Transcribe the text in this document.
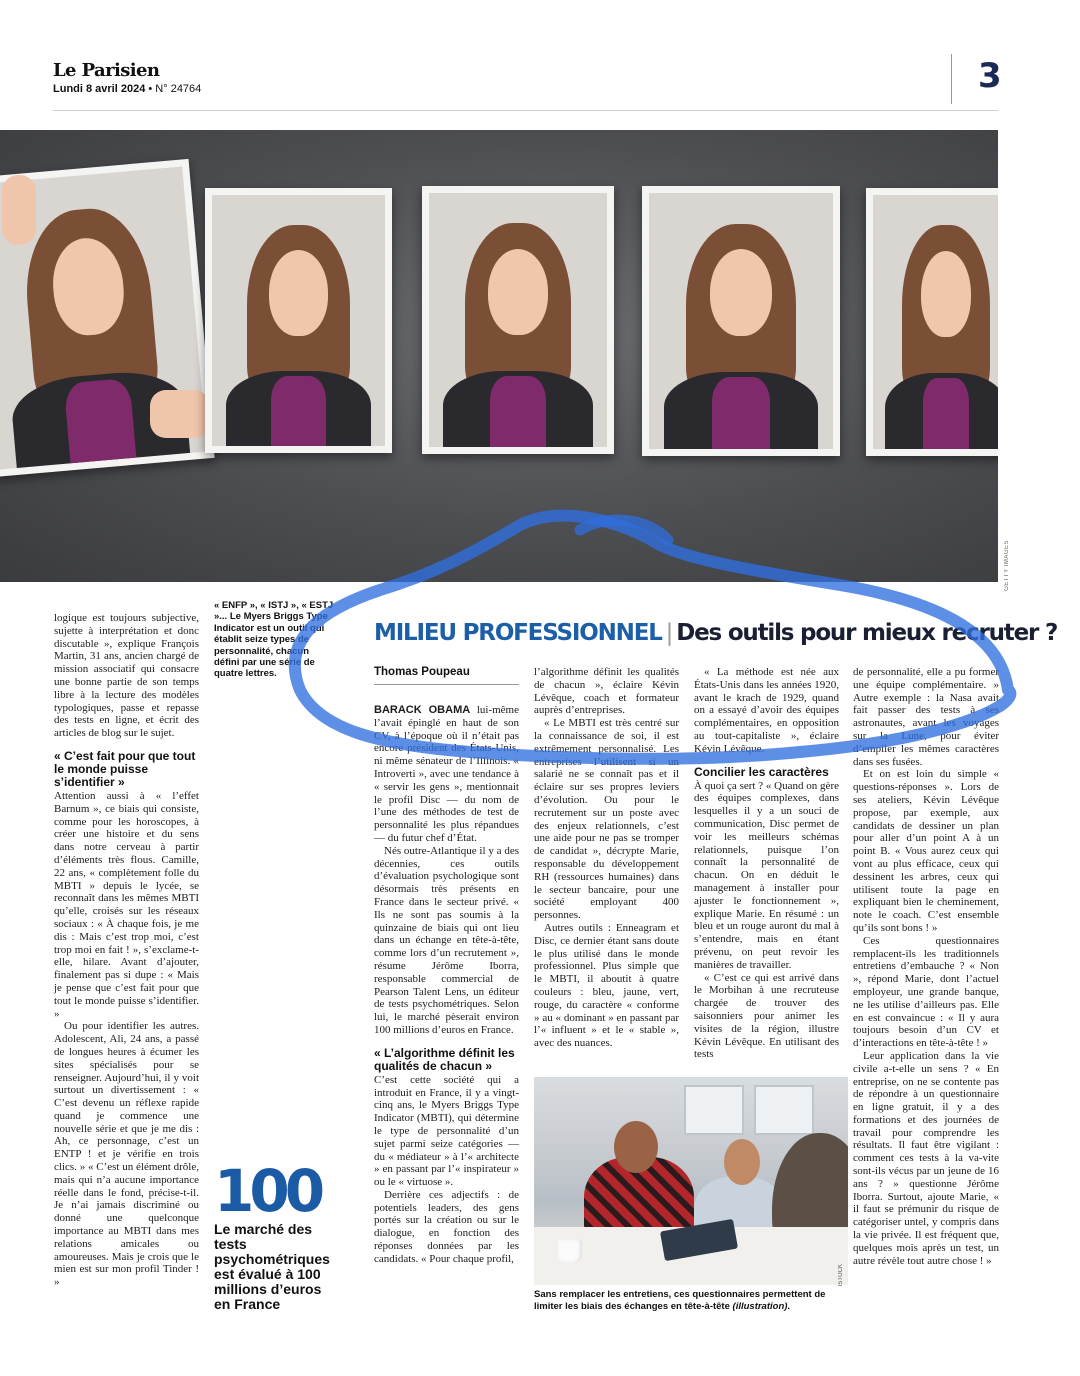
Le Parisien
Lundi 8 avril 2024 • N° 24764	3
GETTY IMAGES

logique est toujours subjective, sujette à interprétation et donc discutable », explique François Martin, 31 ans, ancien chargé de mission associatif qui consacre une bonne partie de son temps libre à la lecture des modèles typologiques, passe et repasse des tests en ligne, et écrit des articles de blog sur le sujet.

« C’est fait pour que tout le monde puisse s’identifier »

Attention aussi à « l’effet Barnum », ce biais qui consiste, comme pour les horoscopes, à créer une histoire et du sens dans notre cerveau à partir d’éléments très flous. Camille, 22 ans, « complètement folle du MBTI » depuis le lycée, se reconnaît dans les mêmes MBTI qu’elle, croisés sur les réseaux sociaux : « À chaque fois, je me dis : Mais c’est trop moi, c’est trop moi en fait ! », s’exclame-t-elle, hilare. Avant d’ajouter, finalement pas si dupe : « Mais je pense que c’est fait pour que tout le monde puisse s’identifier. »

Ou pour identifier les autres. Adolescent, Ali, 24 ans, a passé de longues heures à écumer les sites spécialisés pour se renseigner. Aujourd’hui, il y voit surtout un divertissement : « C’est devenu un réflexe rapide quand je commence une nouvelle série et que je me dis : Ah, ce personnage, c’est un ENTP ! et je vérifie en trois clics. » « C’est un élément drôle, mais qui n’a aucune importance réelle dans le fond, précise-t-il. Je n’ai jamais discriminé ou donné une quelconque importance au MBTI dans mes relations amicales ou amoureuses. Mais je crois que le mien est sur mon profil Tinder ! »

« ENFP », « ISTJ », « ESTJ »... Le Myers Briggs Type Indicator est un outil qui établit seize types de personnalité, chacun défini par une série de quatre lettres.
MILIEU PROFESSIONNEL | Des outils pour mieux recruter ?
Thomas Poupeau

BARACK OBAMA lui-même l’avait épinglé en haut de son CV, à l’époque où il n’était pas encore président des États-Unis, ni même sénateur de l’Illinois. « Introverti », avec une tendance à « servir les gens », mentionnait le profil Disc — du nom de l’une des méthodes de test de personnalité les plus répandues — du futur chef d’État.

Nés outre-Atlantique il y a des décennies, ces outils d’évaluation psychologique sont désormais très présents en France dans le secteur privé. « Ils ne sont pas soumis à la quinzaine de biais qui ont lieu dans un échange en tête-à-tête, comme lors d’un recrutement », résume Jérôme Iborra, responsable commercial de Pearson Talent Lens, un éditeur de tests psychométriques. Selon lui, le marché pèserait environ 100 millions d’euros en France.

« L’algorithme définit les qualités de chacun »

C’est cette société qui a introduit en France, il y a vingt-cinq ans, le Myers Briggs Type Indicator (MBTI), qui détermine le type de personnalité d’un sujet parmi seize catégories — du « médiateur » à l’« architecte » en passant par l’« inspirateur » ou le « virtuose ».

Derrière ces adjectifs : de potentiels leaders, des gens portés sur la création ou sur le dialogue, en fonction des réponses données par les candidats. « Pour chaque profil,

l’algorithme définit les qualités de chacun », éclaire Kévin Lévêque, coach et formateur auprès d’entreprises.

« Le MBTI est très centré sur la connaissance de soi, il est extrêmement personnalisé. Les entreprises l’utilisent si un salarié ne se connaît pas et il éclaire sur ses propres leviers d’évolution. Ou pour le recrutement sur un poste avec des enjeux relationnels, c’est une aide pour ne pas se tromper de candidat », décrypte Marie, responsable du développement RH (ressources humaines) dans le secteur bancaire, pour une société employant 400 personnes.

Autres outils : Enneagram et Disc, ce dernier étant sans doute le plus utilisé dans le monde professionnel. Plus simple que le MBTI, il aboutit à quatre couleurs : bleu, jaune, vert, rouge, du caractère « conforme » au « dominant » en passant par l’« influent » et le « stable », avec des nuances.

« La méthode est née aux États-Unis dans les années 1920, avant le krach de 1929, quand on a essayé d’avoir des équipes complémentaires, en opposition au tout-capitaliste », éclaire Kévin Lévêque.

Concilier les caractères

À quoi ça sert ? « Quand on gère des équipes complexes, dans lesquelles il y a un souci de communication, Disc permet de voir les meilleurs schémas relationnels, puisque l’on connaît la personnalité de chacun. On en déduit le management à installer pour ajuster le fonctionnement », explique Marie. En résumé : un bleu et un rouge auront du mal à s’entendre, mais en étant prévenu, on peut revoir les manières de travailler.

« C’est ce qui est arrivé dans le Morbihan à une recruteuse chargée de trouver des saisonniers pour animer les visites de la région, illustre Kévin Lévêque. En utilisant des tests

de personnalité, elle a pu former une équipe complémentaire. » Autre exemple : la Nasa avait fait passer des tests à ses astronautes, avant les voyages sur la Lune, pour éviter d’empiler les mêmes caractères dans ses fusées.

Et on est loin du simple « questions-réponses ». Lors de ses ateliers, Kévin Lévêque propose, par exemple, aux candidats de dessiner un plan pour aller d’un point A à un point B. « Vous aurez ceux qui vont au plus efficace, ceux qui dessinent les arbres, ceux qui utilisent toute la page en expliquant bien le cheminement, note le coach. C’est ensemble qu’ils sont bons ! »

Ces questionnaires remplacent-ils les traditionnels entretiens d’embauche ? « Non », répond Marie, dont l’actuel employeur, une grande banque, ne les utilise d’ailleurs pas. Elle en est convaincue : « Il y aura toujours besoin d’un CV et d’interactions en tête-à-tête ! »

Leur application dans la vie civile a-t-elle un sens ? « En entreprise, on ne se contente pas de répondre à un questionnaire en ligne gratuit, il y a des formations et des journées de travail pour comprendre les résultats. Il faut être vigilant : comment ces tests à la va-vite sont-ils vécus par un jeune de 16 ans ? » questionne Jérôme Iborra. Surtout, ajoute Marie, « il faut se prémunir du risque de catégoriser untel, y compris dans la vie privée. Il est fréquent que, quelques mois après un test, un autre révèle tout autre chose ! »

100
Le marché des tests psychométriques est évalué à 100 millions d’euros en France
ISTOCK
Sans remplacer les entretiens, ces questionnaires permettent de limiter les biais des échanges en tête-à-tête (illustration).
